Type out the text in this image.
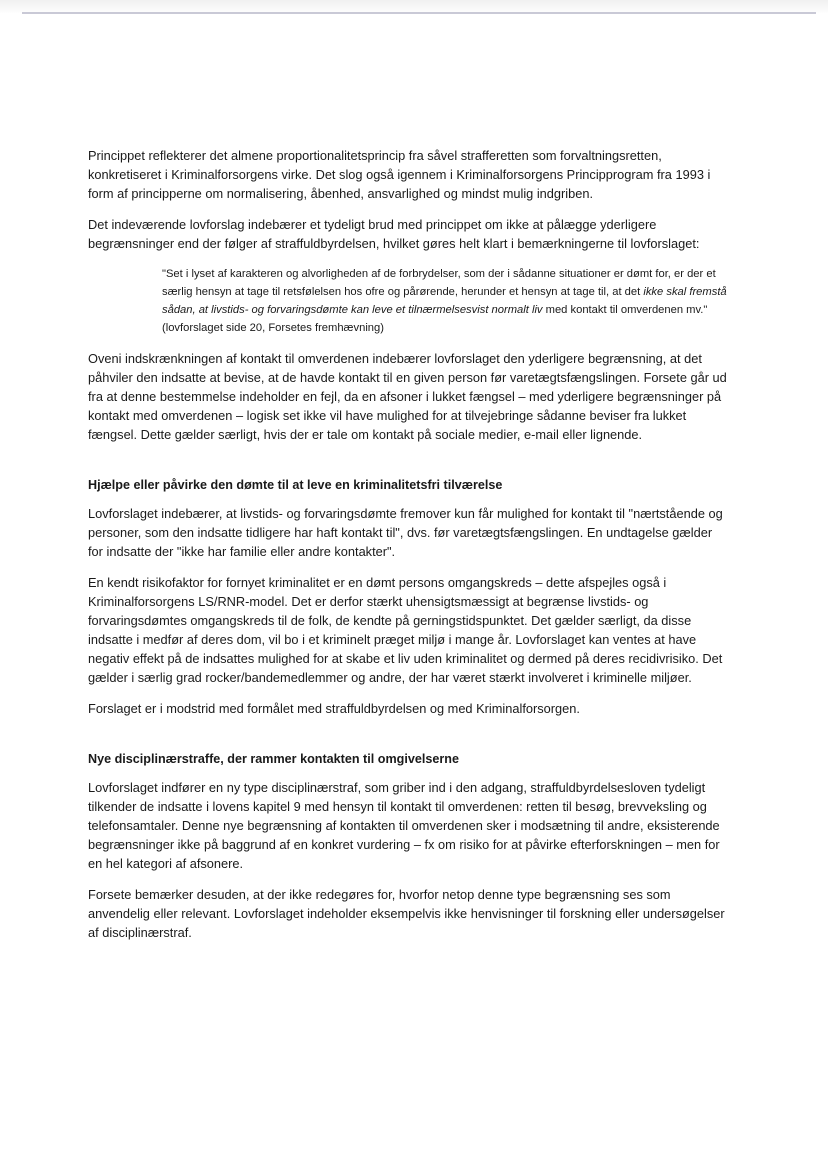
Princippet reflekterer det almene proportionalitetsprincip fra såvel strafferetten som forvaltningsretten, konkretiseret i Kriminalforsorgens virke. Det slog også igennem i Kriminalforsorgens Principprogram fra 1993 i form af principperne om normalisering, åbenhed, ansvarlighed og mindst mulig indgriben.

Det indeværende lovforslag indebærer et tydeligt brud med princippet om ikke at pålægge yderligere begrænsninger end der følger af straffuldbyrdelsen, hvilket gøres helt klart i bemærkningerne til lovforslaget:

"Set i lyset af karakteren og alvorligheden af de forbrydelser, som der i sådanne situationer er dømt for, er der et særlig hensyn at tage til retsfølelsen hos ofre og pårørende, herunder et hensyn at tage til, at det ikke skal fremstå sådan, at livstids- og forvaringsdømte kan leve et tilnærmelsesvist normalt liv med kontakt til omverdenen mv." (lovforslaget side 20, Forsetes fremhævning)

Oveni indskrænkningen af kontakt til omverdenen indebærer lovforslaget den yderligere begrænsning, at det påhviler den indsatte at bevise, at de havde kontakt til en given person før varetægtsfængslingen. Forsete går ud fra at denne bestemmelse indeholder en fejl, da en afsoner i lukket fængsel – med yderligere begrænsninger på kontakt med omverdenen – logisk set ikke vil have mulighed for at tilvejebringe sådanne beviser fra lukket fængsel. Dette gælder særligt, hvis der er tale om kontakt på sociale medier, e-mail eller lignende.

Hjælpe eller påvirke den dømte til at leve en kriminalitetsfri tilværelse

Lovforslaget indebærer, at livstids- og forvaringsdømte fremover kun får mulighed for kontakt til "nærtstående og personer, som den indsatte tidligere har haft kontakt til", dvs. før varetægtsfængslingen. En undtagelse gælder for indsatte der "ikke har familie eller andre kontakter".

En kendt risikofaktor for fornyet kriminalitet er en dømt persons omgangskreds – dette afspejles også i Kriminalforsorgens LS/RNR-model. Det er derfor stærkt uhensigtsmæssigt at begrænse livstids- og forvaringsdømtes omgangskreds til de folk, de kendte på gerningstidspunktet. Det gælder særligt, da disse indsatte i medfør af deres dom, vil bo i et kriminelt præget miljø i mange år. Lovforslaget kan ventes at have negativ effekt på de indsattes mulighed for at skabe et liv uden kriminalitet og dermed på deres recidivrisiko. Det gælder i særlig grad rocker/bandemedlemmer og andre, der har været stærkt involveret i kriminelle miljøer.

Forslaget er i modstrid med formålet med straffuldbyrdelsen og med Kriminalforsorgen.

Nye disciplinærstraffe, der rammer kontakten til omgivelserne

Lovforslaget indfører en ny type disciplinærstraf, som griber ind i den adgang, straffuldbyrdelsesloven tydeligt tilkender de indsatte i lovens kapitel 9 med hensyn til kontakt til omverdenen: retten til besøg, brevveksling og telefonsamtaler. Denne nye begrænsning af kontakten til omverdenen sker i modsætning til andre, eksisterende begrænsninger ikke på baggrund af en konkret vurdering – fx om risiko for at påvirke efterforskningen – men for en hel kategori af afsonere.

Forsete bemærker desuden, at der ikke redegøres for, hvorfor netop denne type begrænsning ses som anvendelig eller relevant. Lovforslaget indeholder eksempelvis ikke henvisninger til forskning eller undersøgelser af disciplinærstraf.
